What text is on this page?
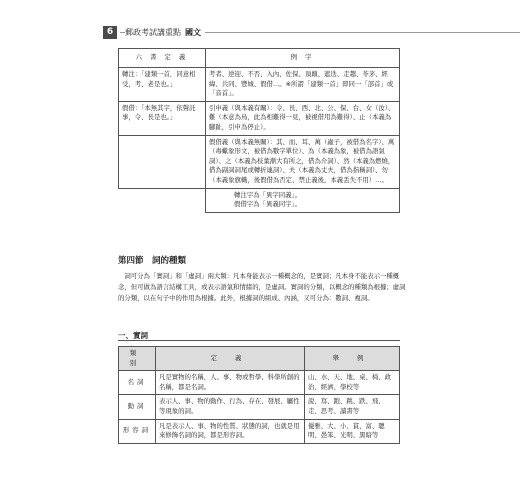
6	郵政考試講重點 國文
六 書 定 義	例 字
轉注：「建類一首，同意相受，考、老是也。」	考者、逆迎、不否、入內、佐保、頂顛、遮迭、走趨、苓茅、經緯、共同、豐城、假借…。※所謂「建類一首」即同一「部首」或「音首」。
假借：「本無其字，依聲託事，令、長是也。」	引申義（與本義有關）：令、長、西、北、公、保、台、女（汝）、難（本意為鳥，此為相難得一見，被視借用為難得）、止（本義為腳趾，引申為停止）。
	假借義（與本義無關）：其、而、耳、萬（蟲子，被借為名字）、萬（毒蠍象形文，被借為數字單位）、為（本義為象，被借為語氣詞）、之（本義為枝葉漸大有所之，借為介詞）、然（本義為燃燒，借為副詞詞尾或轉折連詞）、夫（本義為丈夫，借為指稱詞）、勿（本義象旗幟，後假借為否定、禁止義後，本義丢失不用）…。

	轉注字為「異字同義」。
假借字為「異義同字」。
第四節　詞的種類
詞可分為「實詞」和「虛詞」兩大類：凡本身能表示一種概念的，是實詞；凡本身不能表示一種概念，但可做為語言結構工具，或表示語氣和情緒的，是虛詞。實詞的分類，以概念的種類為根據；虛詞的分類，以在句子中的作用為根據。此外，根據詞的組成、內涵，又可分為：數詞、複詞。
一、實詞
類 別	定 義	舉 例
名詞	凡是實物的名稱，人、事、物或哲學、科學所創的名稱，都是名詞。	山、水、天、地、桌、椅、政治、經濟、學校等
動詞	表示人、事、物的動作、行為、存在、發展、屬性等現象的詞。	說、寫、跑、跳、跌、飛、走、思考、讀書等
形容詞	凡是表示人、事、物的性質、狀態的詞，也就是用來修飾名詞的詞，都是形容詞。	優雅、大、小、貧、富、聰明、愚笨、光明、黑暗等
